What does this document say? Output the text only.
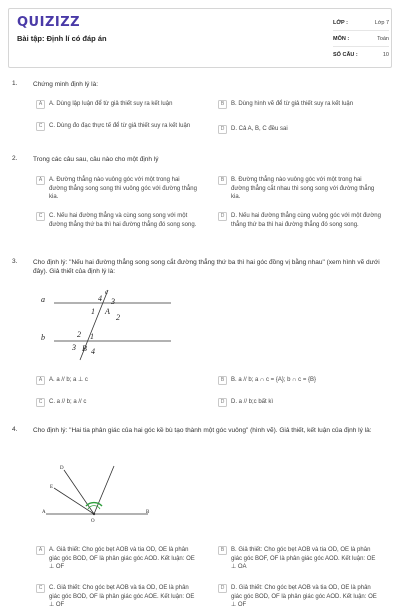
QUIZIZZ
Bài tập: Định lí có đáp án
LỚP :	Lớp 7
MÔN :	Toán
SỐ CÂU :	10
1. Chứng minh định lý là:
A	A. Dùng lập luận để từ giả thiết suy ra kết luận	B	B. Dùng hình vẽ để từ giả thiết suy ra kết luận
C	C. Dùng đo đạc thực tế để từ giả thiết suy ra kết luận	D	D. Cả A, B, C đều sai
2. Trong các câu sau, câu nào cho một định lý
A	A. Đường thẳng nào vuông góc với một trong hai đường thẳng song song thì vuông góc với đường thẳng kia.
B	B. Đường thẳng nào vuông góc với một trong hai đường thẳng cắt nhau thì song song với đường thẳng kia.
C	C. Nếu hai đường thẳng và cùng song song với một đường thẳng thứ ba thì hai đường thẳng đó song song.
D	D. Nếu hai đường thẳng cùng vuông góc với một đường thẳng thứ ba thì hai đường thẳng đó song song.
3. Cho định lý: "Nếu hai đường thẳng song song cắt đường thẳng thứ ba thì hai góc đồng vị bằng nhau" (xem hình vẽ dưới đây). Giả thiết của định lý là:
a
b
c
4 3
1 A
2
2 1
3 B 4
A	A. a // b; a ⊥ c	B	B. a // b; a ∩ c = {A}; b ∩ c = {B}
C	C. a // b; a // c	D	D. a // b;c bất kì
4. Cho định lý: "Hai tia phân giác của hai góc kề bù tạo thành một góc vuông" (hình vẽ). Giả thiết, kết luận của định lý là:
A	B
O
D
E
A	A. Giả thiết: Cho góc bẹt AOB và tia OD, OE là phân giác góc BOD, OF là phân giác góc AOD. Kết luận: OE ⊥ OF
B	B. Giả thiết: Cho góc bẹt AOB và tia OD, OE là phân giác góc BOF, OF là phân giác góc AOD. Kết luận: OE ⊥ OA
C	C. Giả thiết: Cho góc bẹt AOB và tia OD, OE là phân giác góc BOD, OF là phân giác góc AOE. Kết luận: OE ⊥ OF
D	D. Giả thiết: Cho góc bẹt AOB và tia OD, OE là phân giác góc BOD, OF là phân giác góc AOD. Kết luận: OE ⊥ OF
